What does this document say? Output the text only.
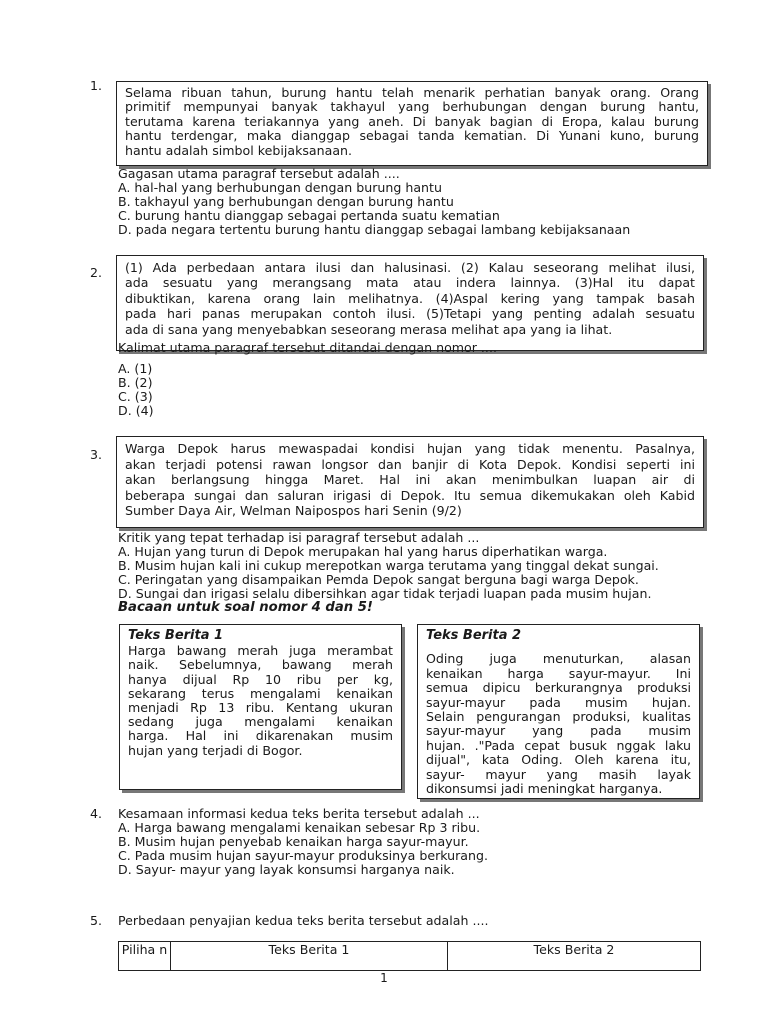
1. Selama ribuan tahun, burung hantu telah menarik perhatian banyak orang. Orang
primitif mempunyai banyak takhayul yang berhubungan dengan burung hantu,
terutama karena teriakannya yang aneh. Di banyak bagian di Eropa, kalau burung
hantu terdengar, maka dianggap sebagai tanda kematian. Di Yunani kuno, burung
hantu adalah simbol kebijaksanaan.
Gagasan utama paragraf tersebut adalah ....
A. hal-hal yang berhubungan dengan burung hantu
B. takhayul yang berhubungan dengan burung hantu
C. burung hantu dianggap sebagai pertanda suatu kematian
D. pada negara tertentu burung hantu dianggap sebagai lambang kebijaksanaan
2. (1) Ada perbedaan antara ilusi dan halusinasi. (2) Kalau seseorang melihat ilusi,
ada sesuatu yang merangsang mata atau indera lainnya. (3)Hal itu dapat
dibuktikan, karena orang lain melihatnya. (4)Aspal kering yang tampak basah
pada hari panas merupakan contoh ilusi. (5)Tetapi yang penting adalah sesuatu
ada di sana yang menyebabkan seseorang merasa melihat apa yang ia lihat.
Kalimat utama paragraf tersebut ditandai dengan nomor ....
A. (1)
B. (2)
C. (3)
D. (4)
3. Warga Depok harus mewaspadai kondisi hujan yang tidak menentu. Pasalnya,
akan terjadi potensi rawan longsor dan banjir di Kota Depok. Kondisi seperti ini
akan berlangsung hingga Maret. Hal ini akan menimbulkan luapan air di
beberapa sungai dan saluran irigasi di Depok. Itu semua dikemukakan oleh Kabid
Sumber Daya Air, Welman Naipospos hari Senin (9/2)
Kritik yang tepat terhadap isi paragraf tersebut adalah ...
A. Hujan yang turun di Depok merupakan hal yang harus diperhatikan warga.
B. Musim hujan kali ini cukup merepotkan warga terutama yang tinggal dekat sungai.
C. Peringatan yang disampaikan Pemda Depok sangat berguna bagi warga Depok.
D. Sungai dan irigasi selalu dibersihkan agar tidak terjadi luapan pada musim hujan.
Bacaan untuk soal nomor 4 dan 5!
Teks Berita 1
Harga bawang merah juga merambat
naik. Sebelumnya, bawang merah
hanya dijual Rp 10 ribu per kg,
sekarang terus mengalami kenaikan
menjadi Rp 13 ribu. Kentang ukuran
sedang juga mengalami kenaikan
harga. Hal ini dikarenakan musim
hujan yang terjadi di Bogor.
Teks Berita 2
Oding juga menuturkan, alasan
kenaikan harga sayur-mayur. Ini
semua dipicu berkurangnya produksi
sayur-mayur pada musim hujan.
Selain pengurangan produksi, kualitas
sayur-mayur yang pada musim
hujan. ."Pada cepat busuk nggak laku
dijual", kata Oding. Oleh karena itu,
sayur- mayur yang masih layak
dikonsumsi jadi meningkat harganya.
4. Kesamaan informasi kedua teks berita tersebut adalah ...
A. Harga bawang mengalami kenaikan sebesar Rp 3 ribu.
B. Musim hujan penyebab kenaikan harga sayur-mayur.
C. Pada musim hujan sayur-mayur produksinya berkurang.
D. Sayur- mayur yang layak konsumsi harganya naik.
5. Perbedaan penyajian kedua teks berita tersebut adalah ....
Piliha n	Teks Berita 1	Teks Berita 2
1
